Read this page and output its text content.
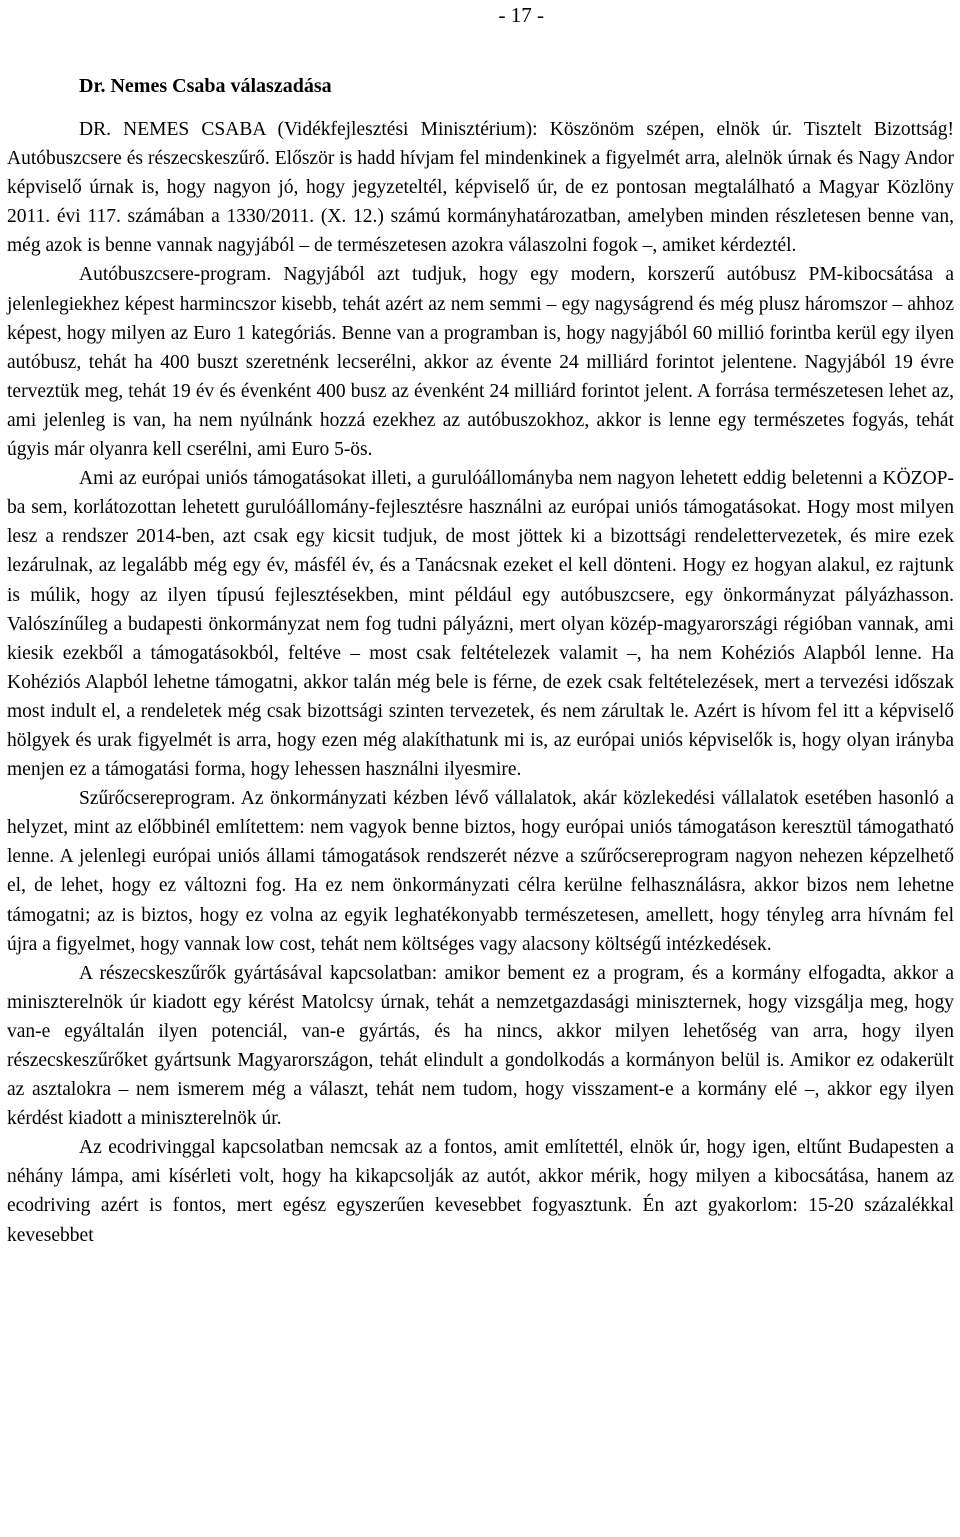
- 17 -
Dr. Nemes Csaba válaszadása

DR. NEMES CSABA (Vidékfejlesztési Minisztérium): Köszönöm szépen, elnök úr. Tisztelt Bizottság! Autóbuszcsere és részecskeszűrő. Először is hadd hívjam fel mindenkinek a figyelmét arra, alelnök úrnak és Nagy Andor képviselő úrnak is, hogy nagyon jó, hogy jegyzeteltél, képviselő úr, de ez pontosan megtalálható a Magyar Közlöny 2011. évi 117. számában a 1330/2011. (X. 12.) számú kormányhatározatban, amelyben minden részletesen benne van, még azok is benne vannak nagyjából – de természetesen azokra válaszolni fogok –, amiket kérdeztél.

Autóbuszcsere-program. Nagyjából azt tudjuk, hogy egy modern, korszerű autóbusz PM-kibocsátása a jelenlegiekhez képest harmincszor kisebb, tehát azért az nem semmi – egy nagyságrend és még plusz háromszor – ahhoz képest, hogy milyen az Euro 1 kategóriás. Benne van a programban is, hogy nagyjából 60 millió forintba kerül egy ilyen autóbusz, tehát ha 400 buszt szeretnénk lecserélni, akkor az évente 24 milliárd forintot jelentene. Nagyjából 19 évre terveztük meg, tehát 19 év és évenként 400 busz az évenként 24 milliárd forintot jelent. A forrása természetesen lehet az, ami jelenleg is van, ha nem nyúlnánk hozzá ezekhez az autóbuszokhoz, akkor is lenne egy természetes fogyás, tehát úgyis már olyanra kell cserélni, ami Euro 5-ös.

Ami az európai uniós támogatásokat illeti, a gurulóállományba nem nagyon lehetett eddig beletenni a KÖZOP-ba sem, korlátozottan lehetett gurulóállomány-fejlesztésre használni az európai uniós támogatásokat. Hogy most milyen lesz a rendszer 2014-ben, azt csak egy kicsit tudjuk, de most jöttek ki a bizottsági rendelettervezetek, és mire ezek lezárulnak, az legalább még egy év, másfél év, és a Tanácsnak ezeket el kell dönteni. Hogy ez hogyan alakul, ez rajtunk is múlik, hogy az ilyen típusú fejlesztésekben, mint például egy autóbuszcsere, egy önkormányzat pályázhasson. Valószínűleg a budapesti önkormányzat nem fog tudni pályázni, mert olyan közép-magyarországi régióban vannak, ami kiesik ezekből a támogatásokból, feltéve – most csak feltételezek valamit –, ha nem Kohéziós Alapból lenne. Ha Kohéziós Alapból lehetne támogatni, akkor talán még bele is férne, de ezek csak feltételezések, mert a tervezési időszak most indult el, a rendeletek még csak bizottsági szinten tervezetek, és nem zárultak le. Azért is hívom fel itt a képviselő hölgyek és urak figyelmét is arra, hogy ezen még alakíthatunk mi is, az európai uniós képviselők is, hogy olyan irányba menjen ez a támogatási forma, hogy lehessen használni ilyesmire.

Szűrőcsereprogram. Az önkormányzati kézben lévő vállalatok, akár közlekedési vállalatok esetében hasonló a helyzet, mint az előbbinél említettem: nem vagyok benne biztos, hogy európai uniós támogatáson keresztül támogatható lenne. A jelenlegi európai uniós állami támogatások rendszerét nézve a szűrőcsereprogram nagyon nehezen képzelhető el, de lehet, hogy ez változni fog. Ha ez nem önkormányzati célra kerülne felhasználásra, akkor bizos nem lehetne támogatni; az is biztos, hogy ez volna az egyik leghatékonyabb természetesen, amellett, hogy tényleg arra hívnám fel újra a figyelmet, hogy vannak low cost, tehát nem költséges vagy alacsony költségű intézkedések.

A részecskeszűrők gyártásával kapcsolatban: amikor bement ez a program, és a kormány elfogadta, akkor a miniszterelnök úr kiadott egy kérést Matolcsy úrnak, tehát a nemzetgazdasági miniszternek, hogy vizsgálja meg, hogy van-e egyáltalán ilyen potenciál, van-e gyártás, és ha nincs, akkor milyen lehetőség van arra, hogy ilyen részecskeszűrőket gyártsunk Magyarországon, tehát elindult a gondolkodás a kormányon belül is. Amikor ez odakerült az asztalokra – nem ismerem még a választ, tehát nem tudom, hogy visszament-e a kormány elé –, akkor egy ilyen kérdést kiadott a miniszterelnök úr.

Az ecodrivinggal kapcsolatban nemcsak az a fontos, amit említettél, elnök úr, hogy igen, eltűnt Budapesten a néhány lámpa, ami kísérleti volt, hogy ha kikapcsolják az autót, akkor mérik, hogy milyen a kibocsátása, hanem az ecodriving azért is fontos, mert egész egyszerűen kevesebbet fogyasztunk. Én azt gyakorlom: 15-20 százalékkal kevesebbet
